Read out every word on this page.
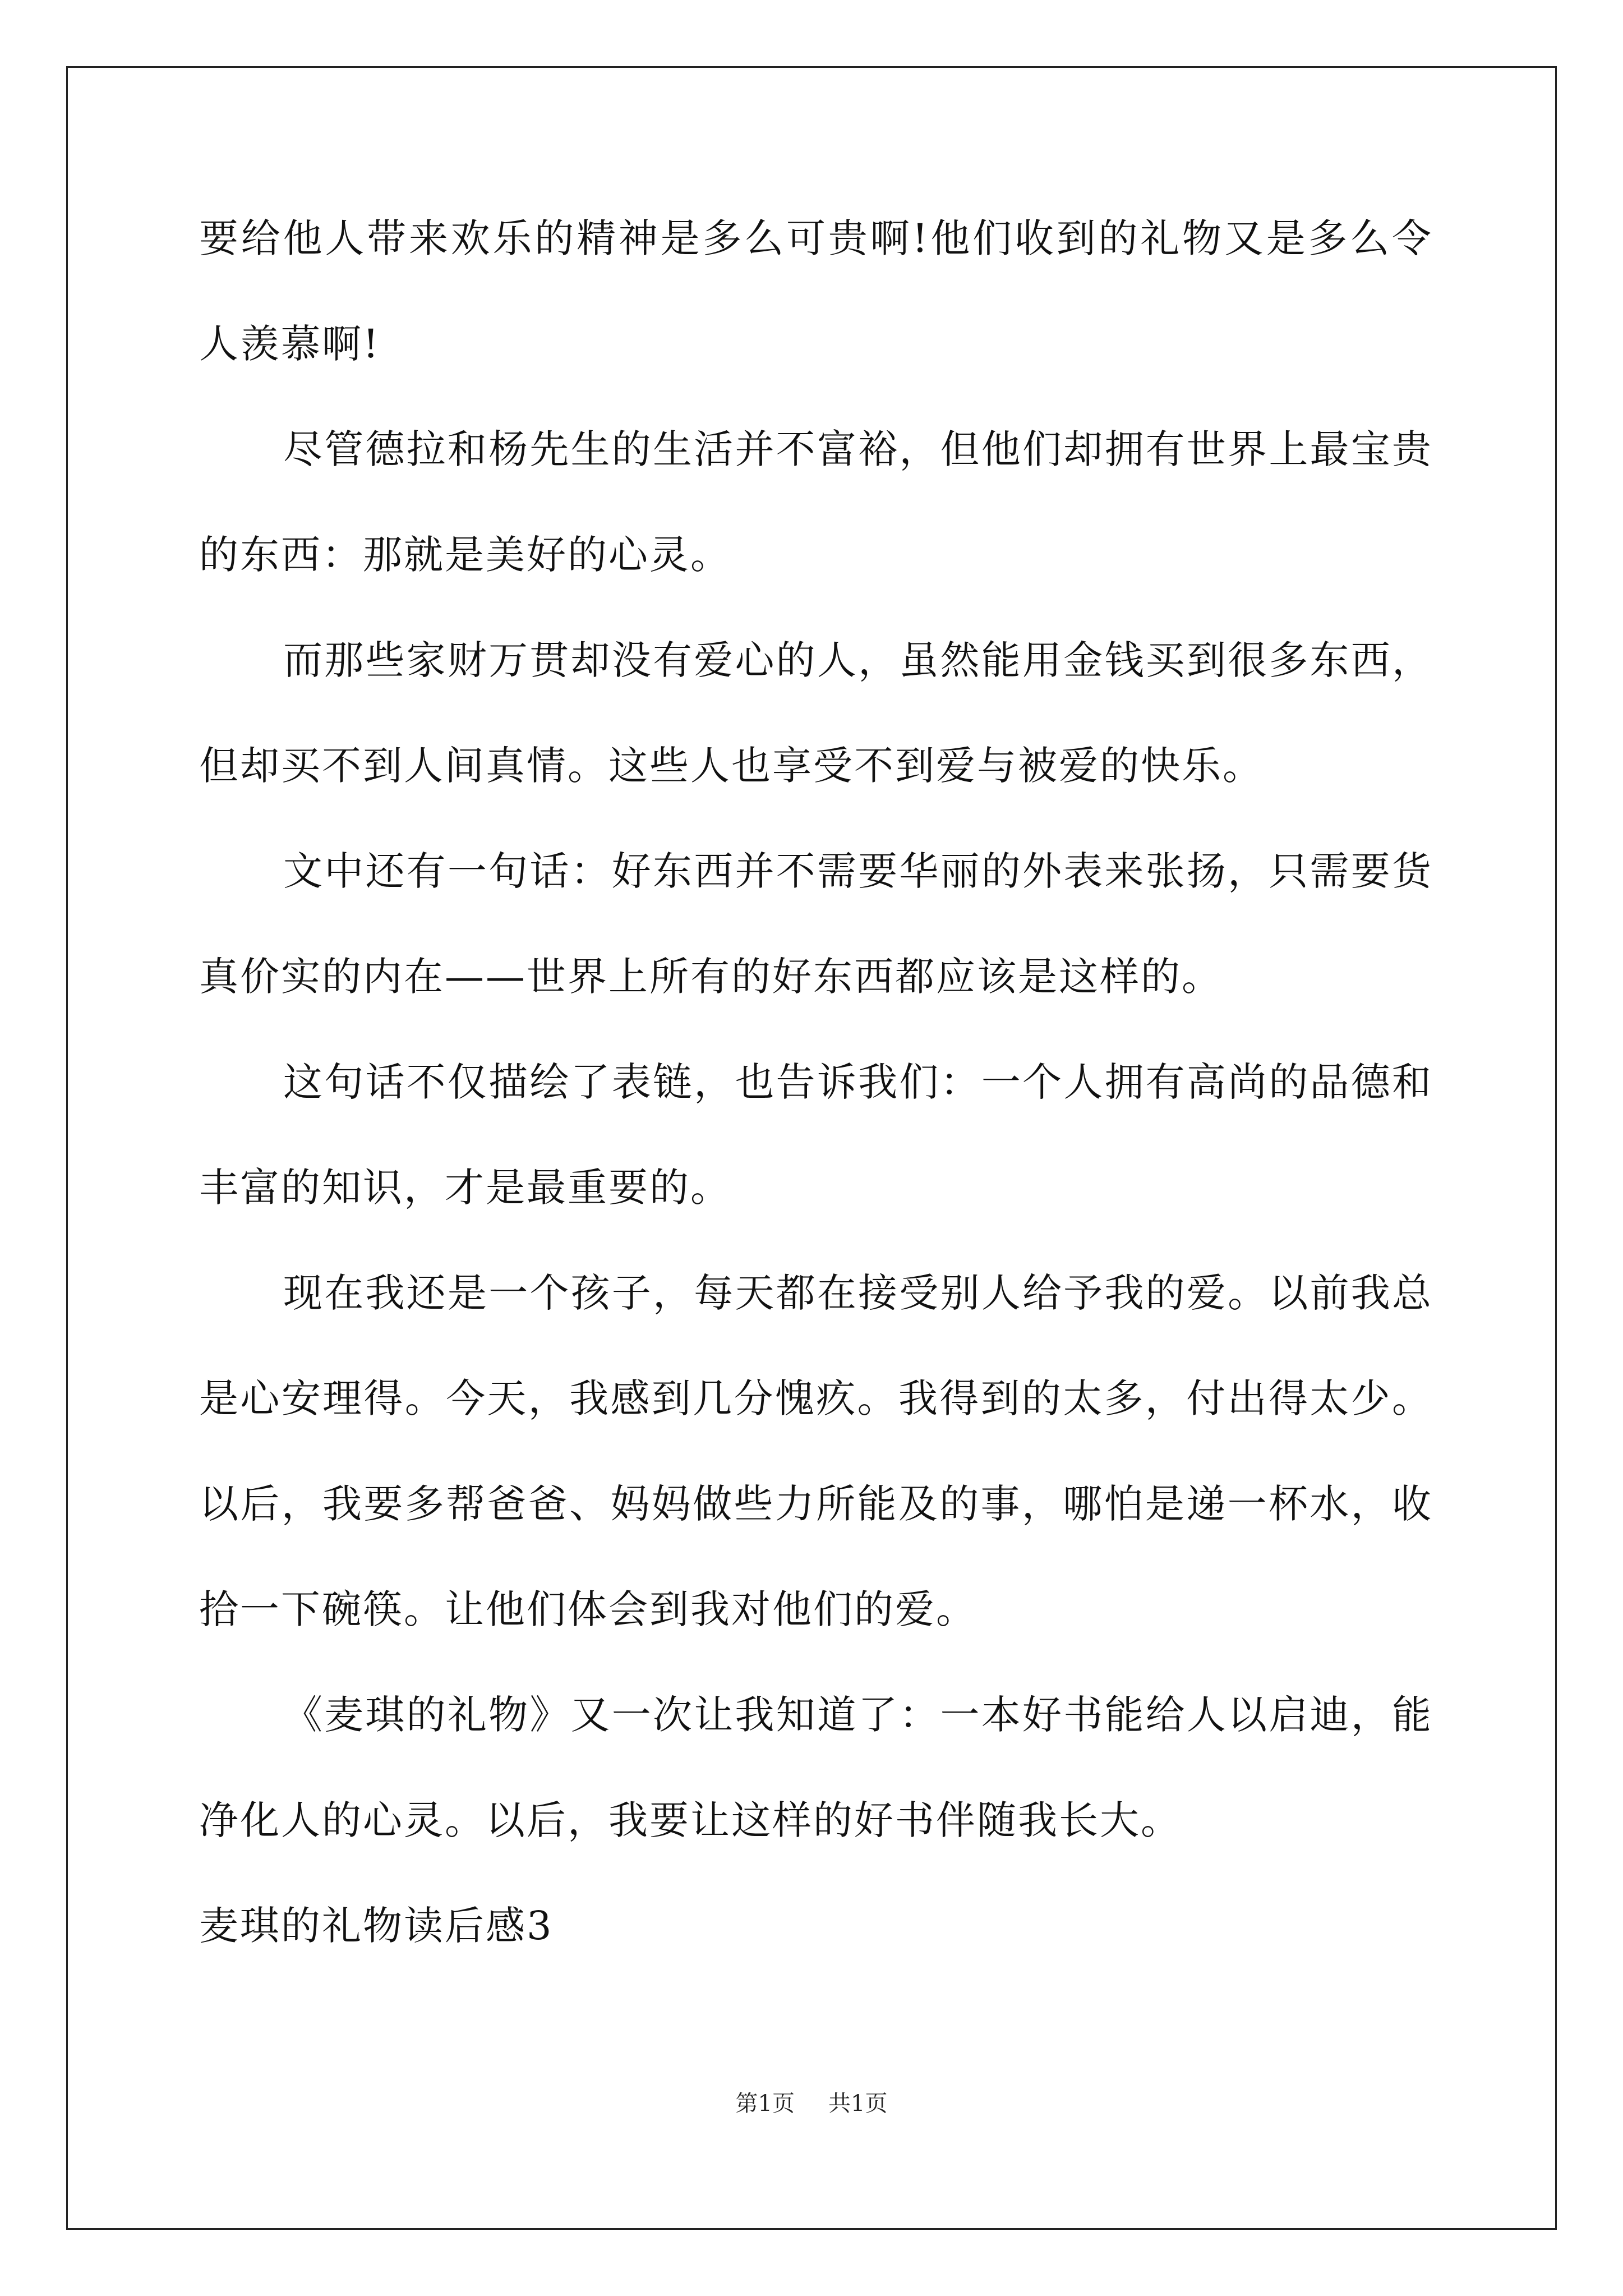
要给他人带来欢乐的精神是多么可贵啊!他们收到的礼物又是多么令
人羡慕啊!
尽管德拉和杨先生的生活并不富裕，但他们却拥有世界上最宝贵
的东西：那就是美好的心灵。
而那些家财万贯却没有爱心的人，虽然能用金钱买到很多东西，
但却买不到人间真情。这些人也享受不到爱与被爱的快乐。
文中还有一句话：好东西并不需要华丽的外表来张扬，只需要货
真价实的内在——世界上所有的好东西都应该是这样的。
这句话不仅描绘了表链，也告诉我们：一个人拥有高尚的品德和
丰富的知识，才是最重要的。
现在我还是一个孩子，每天都在接受别人给予我的爱。以前我总
是心安理得。今天，我感到几分愧疚。我得到的太多，付出得太少。
以后，我要多帮爸爸、妈妈做些力所能及的事，哪怕是递一杯水，收
拾一下碗筷。让他们体会到我对他们的爱。
《麦琪的礼物》又一次让我知道了：一本好书能给人以启迪，能
净化人的心灵。以后，我要让这样的好书伴随我长大。
麦琪的礼物读后感3
第1页 共1页
